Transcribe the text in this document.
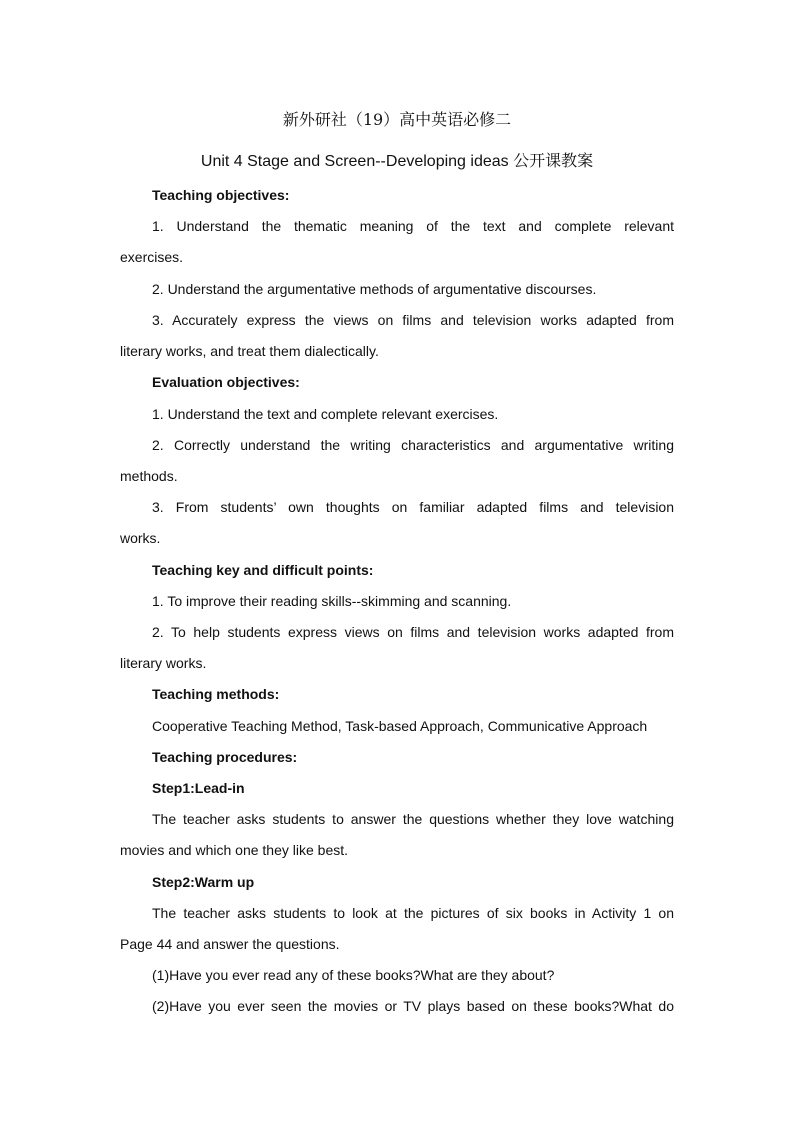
新外研社（19）高中英语必修二
Unit 4 Stage and Screen--Developing ideas 公开课教案
Teaching objectives:
1. Understand the thematic meaning of the text and complete relevant
exercises.
2. Understand the argumentative methods of argumentative discourses.
3. Accurately express the views on films and television works adapted from
literary works, and treat them dialectically.
Evaluation objectives:
1. Understand the text and complete relevant exercises.
2. Correctly understand the writing characteristics and argumentative writing
methods.
3. From students’ own thoughts on familiar adapted films and television
works.
Teaching key and difficult points:
1. To improve their reading skills--skimming and scanning.
2. To help students express views on films and television works adapted from
literary works.
Teaching methods:
Cooperative Teaching Method, Task-based Approach, Communicative Approach
Teaching procedures:
Step1:Lead-in
The teacher asks students to answer the questions whether they love watching
movies and which one they like best.
Step2:Warm up
The teacher asks students to look at the pictures of six books in Activity 1 on
Page 44 and answer the questions.
(1)Have you ever read any of these books?What are they about?
(2)Have you ever seen the movies or TV plays based on these books?What do
